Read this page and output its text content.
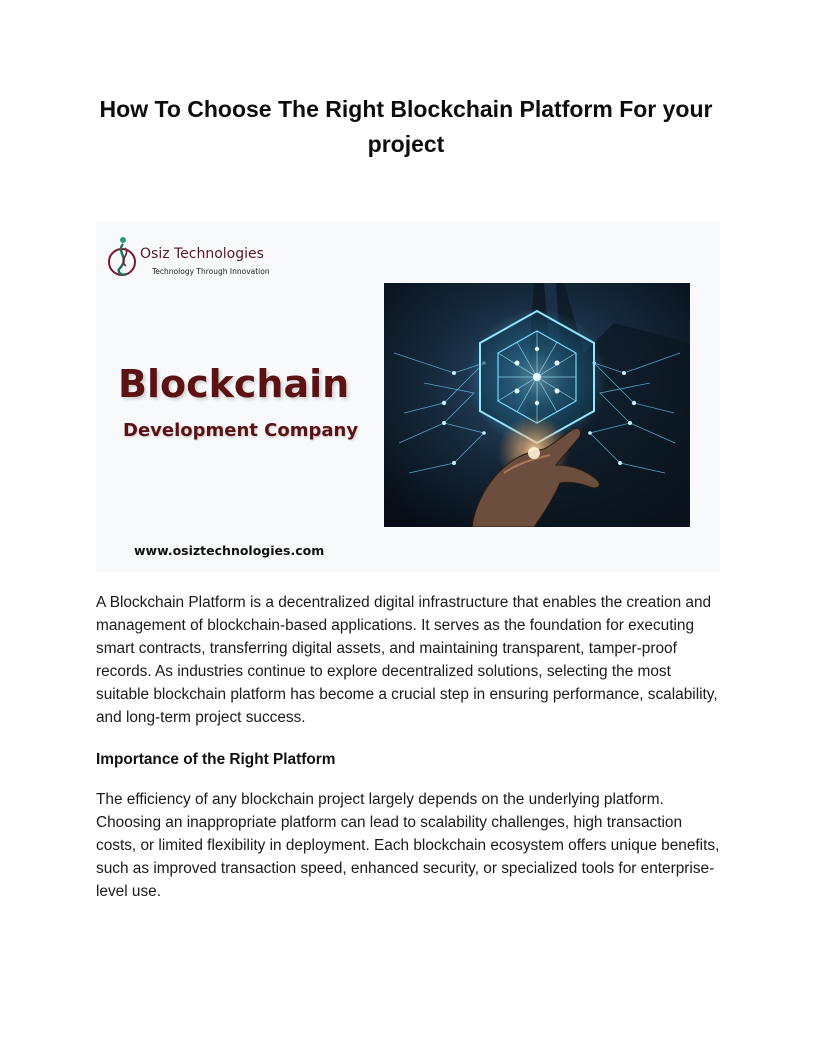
How To Choose The Right Blockchain Platform For your project
Osiz Technologies
Technology Through Innovation
Blockchain
Development Company
www.osiztechnologies.com

A Blockchain Platform is a decentralized digital infrastructure that enables the creation and management of blockchain-based applications. It serves as the foundation for executing smart contracts, transferring digital assets, and maintaining transparent, tamper-proof records. As industries continue to explore decentralized solutions, selecting the most suitable blockchain platform has become a crucial step in ensuring performance, scalability, and long-term project success.

Importance of the Right Platform

The efficiency of any blockchain project largely depends on the underlying platform. Choosing an inappropriate platform can lead to scalability challenges, high transaction costs, or limited flexibility in deployment. Each blockchain ecosystem offers unique benefits, such as improved transaction speed, enhanced security, or specialized tools for enterprise-level use.
